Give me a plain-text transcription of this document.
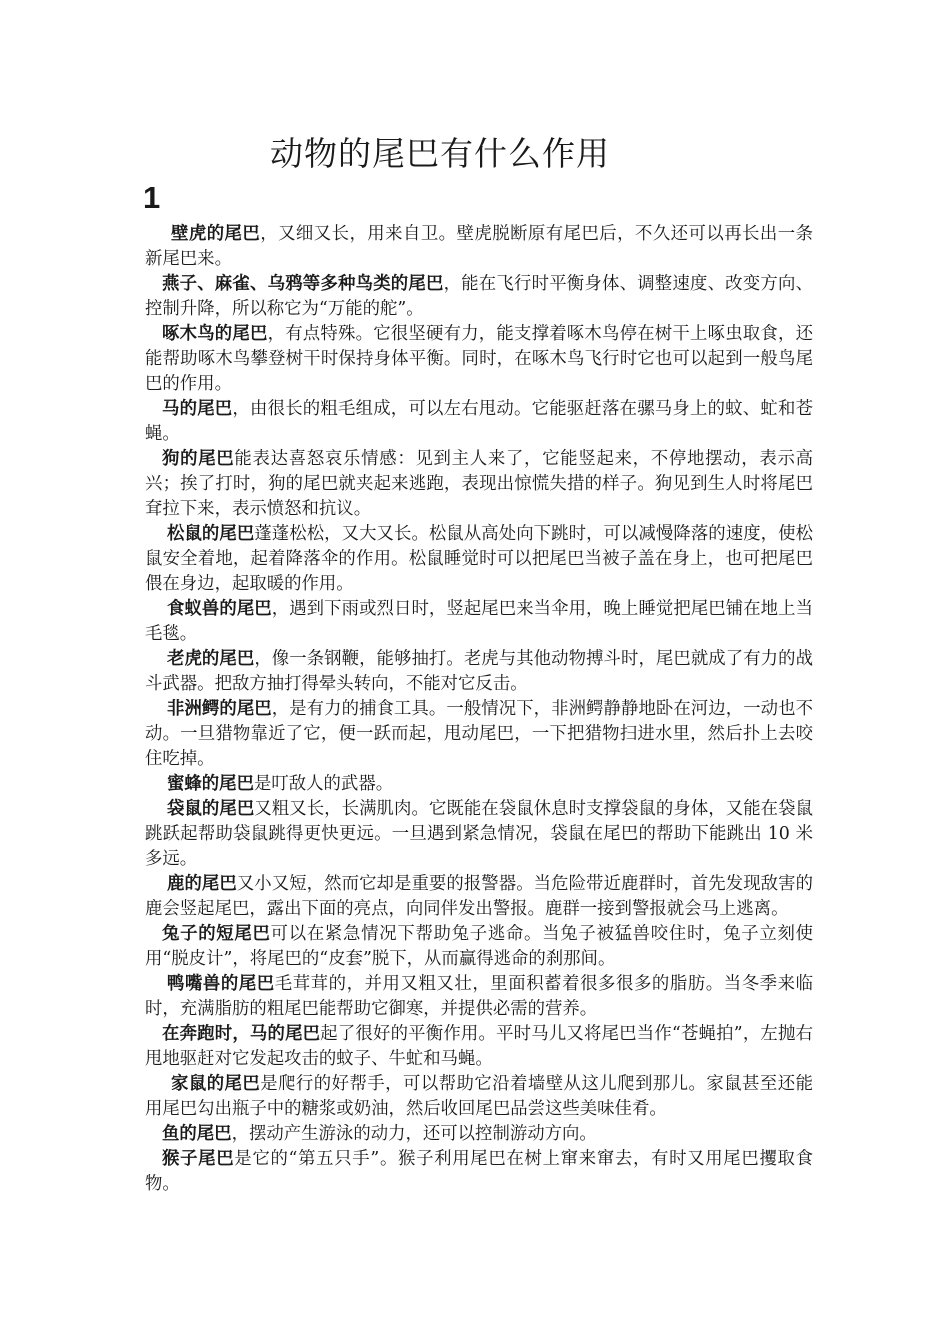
动物的尾巴有什么作用
1

壁虎的尾巴，又细又长，用来自卫。壁虎脱断原有尾巴后，不久还可以再长出一条新尾巴来。

燕子、麻雀、乌鸦等多种鸟类的尾巴，能在飞行时平衡身体、调整速度、改变方向、控制升降，所以称它为“万能的舵”。

啄木鸟的尾巴，有点特殊。它很坚硬有力，能支撑着啄木鸟停在树干上啄虫取食，还能帮助啄木鸟攀登树干时保持身体平衡。同时，在啄木鸟飞行时它也可以起到一般鸟尾巴的作用。

马的尾巴，由很长的粗毛组成，可以左右甩动。它能驱赶落在骡马身上的蚊、虻和苍蝇。

狗的尾巴能表达喜怒哀乐情感：见到主人来了，它能竖起来，不停地摆动，表示高兴；挨了打时，狗的尾巴就夹起来逃跑，表现出惊慌失措的样子。狗见到生人时将尾巴耷拉下来，表示愤怒和抗议。

松鼠的尾巴蓬蓬松松，又大又长。松鼠从高处向下跳时，可以减慢降落的速度，使松鼠安全着地，起着降落伞的作用。松鼠睡觉时可以把尾巴当被子盖在身上，也可把尾巴偎在身边，起取暖的作用。

食蚁兽的尾巴，遇到下雨或烈日时，竖起尾巴来当伞用，晚上睡觉把尾巴铺在地上当毛毯。

老虎的尾巴，像一条钢鞭，能够抽打。老虎与其他动物搏斗时，尾巴就成了有力的战斗武器。把敌方抽打得晕头转向，不能对它反击。

非洲鳄的尾巴，是有力的捕食工具。一般情况下，非洲鳄静静地卧在河边，一动也不动。一旦猎物靠近了它，便一跃而起，甩动尾巴，一下把猎物扫进水里，然后扑上去咬住吃掉。

蜜蜂的尾巴是叮敌人的武器。

袋鼠的尾巴又粗又长，长满肌肉。它既能在袋鼠休息时支撑袋鼠的身体，又能在袋鼠跳跃起帮助袋鼠跳得更快更远。一旦遇到紧急情况，袋鼠在尾巴的帮助下能跳出 10 米多远。

鹿的尾巴又小又短，然而它却是重要的报警器。当危险带近鹿群时，首先发现敌害的鹿会竖起尾巴，露出下面的亮点，向同伴发出警报。鹿群一接到警报就会马上逃离。

兔子的短尾巴可以在紧急情况下帮助兔子逃命。当兔子被猛兽咬住时，兔子立刻使用“脱皮计”，将尾巴的“皮套”脱下，从而赢得逃命的刹那间。

鸭嘴兽的尾巴毛茸茸的，并用又粗又壮，里面积蓄着很多很多的脂肪。当冬季来临时，充满脂肪的粗尾巴能帮助它御寒，并提供必需的营养。

在奔跑时，马的尾巴起了很好的平衡作用。平时马儿又将尾巴当作“苍蝇拍”，左抛右甩地驱赶对它发起攻击的蚊子、牛虻和马蝇。

家鼠的尾巴是爬行的好帮手，可以帮助它沿着墙壁从这儿爬到那儿。家鼠甚至还能用尾巴勾出瓶子中的糖浆或奶油，然后收回尾巴品尝这些美味佳肴。

鱼的尾巴，摆动产生游泳的动力，还可以控制游动方向。

猴子尾巴是它的“第五只手”。猴子利用尾巴在树上窜来窜去，有时又用尾巴攫取食物。
